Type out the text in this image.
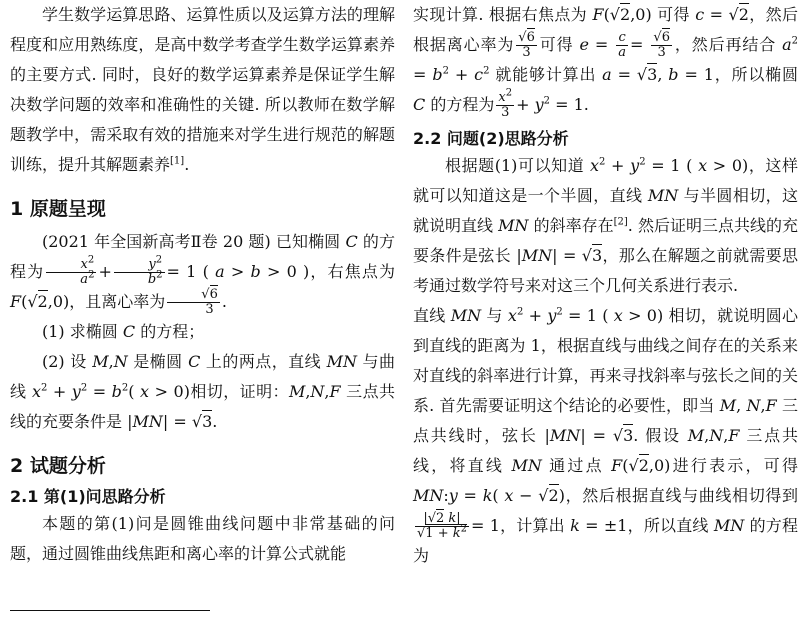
学生数学运算思路、运算性质以及运算方法的理解程度和应用熟练度，是高中数学考查学生数学运算素养的主要方式. 同时，良好的数学运算素养是保证学生解决数学问题的效率和准确性的关键. 所以教师在数学解题教学中，需采取有效的措施来对学生进行规范的解题训练，提升其解题素养[1].

1 原题呈现

(2021 年全国新高考Ⅱ卷 20 题) 已知椭圆 C 的方程为 $\frac{x^2}{a^2} + \frac{y^2}{b^2} = 1$ ( a > b > 0 )，右焦点为 F(√2,0)，且离心率为 $\frac{√6}{3}$ .

(1) 求椭圆 C 的方程；

(2) 设 M,N 是椭圆 C 上的两点，直线 MN 与曲线 $x^2 + y^2 = b^2$( x > 0)相切，证明：M,N,F 三点共线的充要条件是 |MN| = √3.

2 试题分析
2.1 第(1)问思路分析

本题的第(1)问是圆锥曲线问题中非常基础的问题，通过圆锥曲线焦距和离心率的计算公式就能

实现计算. 根据右焦点为 F(√2,0) 可得 c = √2，然后根据离心率为 $\frac{√6}{3}$ 可得 $e = \frac{c}{a} = \frac{√6}{3}$ ，然后再结合 $a^2 = b^2 + c^2$ 就能够计算出 a = √3, b = 1，所以椭圆 C 的方程为 $\frac{x^2}{3} + y^2 = 1$.

2.2 问题(2)思路分析

根据题(1)可以知道 $x^2 + y^2 = 1$ ( x > 0)，这样就可以知道这是一个半圆，直线 MN 与半圆相切，这就说明直线 MN 的斜率存在[2]. 然后证明三点共线的充要条件是弦长 |MN| = √3，那么在解题之前就需要思考通过数学符号来对这三个几何关系进行表示.

直线 MN 与 $x^2 + y^2 = 1$ ( x > 0) 相切，就说明圆心到直线的距离为 1，根据直线与曲线之间存在的关系来对直线的斜率进行计算，再来寻找斜率与弦长之间的关系. 首先需要证明这个结论的必要性，即当 M, N,F 三点共线时，弦长 |MN| = √3. 假设 M,N,F 三点共线，将直线 MN 通过点 F(√2,0)进行表示，可得 MN:y = k( x − √2)，然后根据直线与曲线相切得到
$\frac{|√2 k|}{√1 + k^2} = 1$，计算出 k = ±1，所以直线 MN 的方程为
